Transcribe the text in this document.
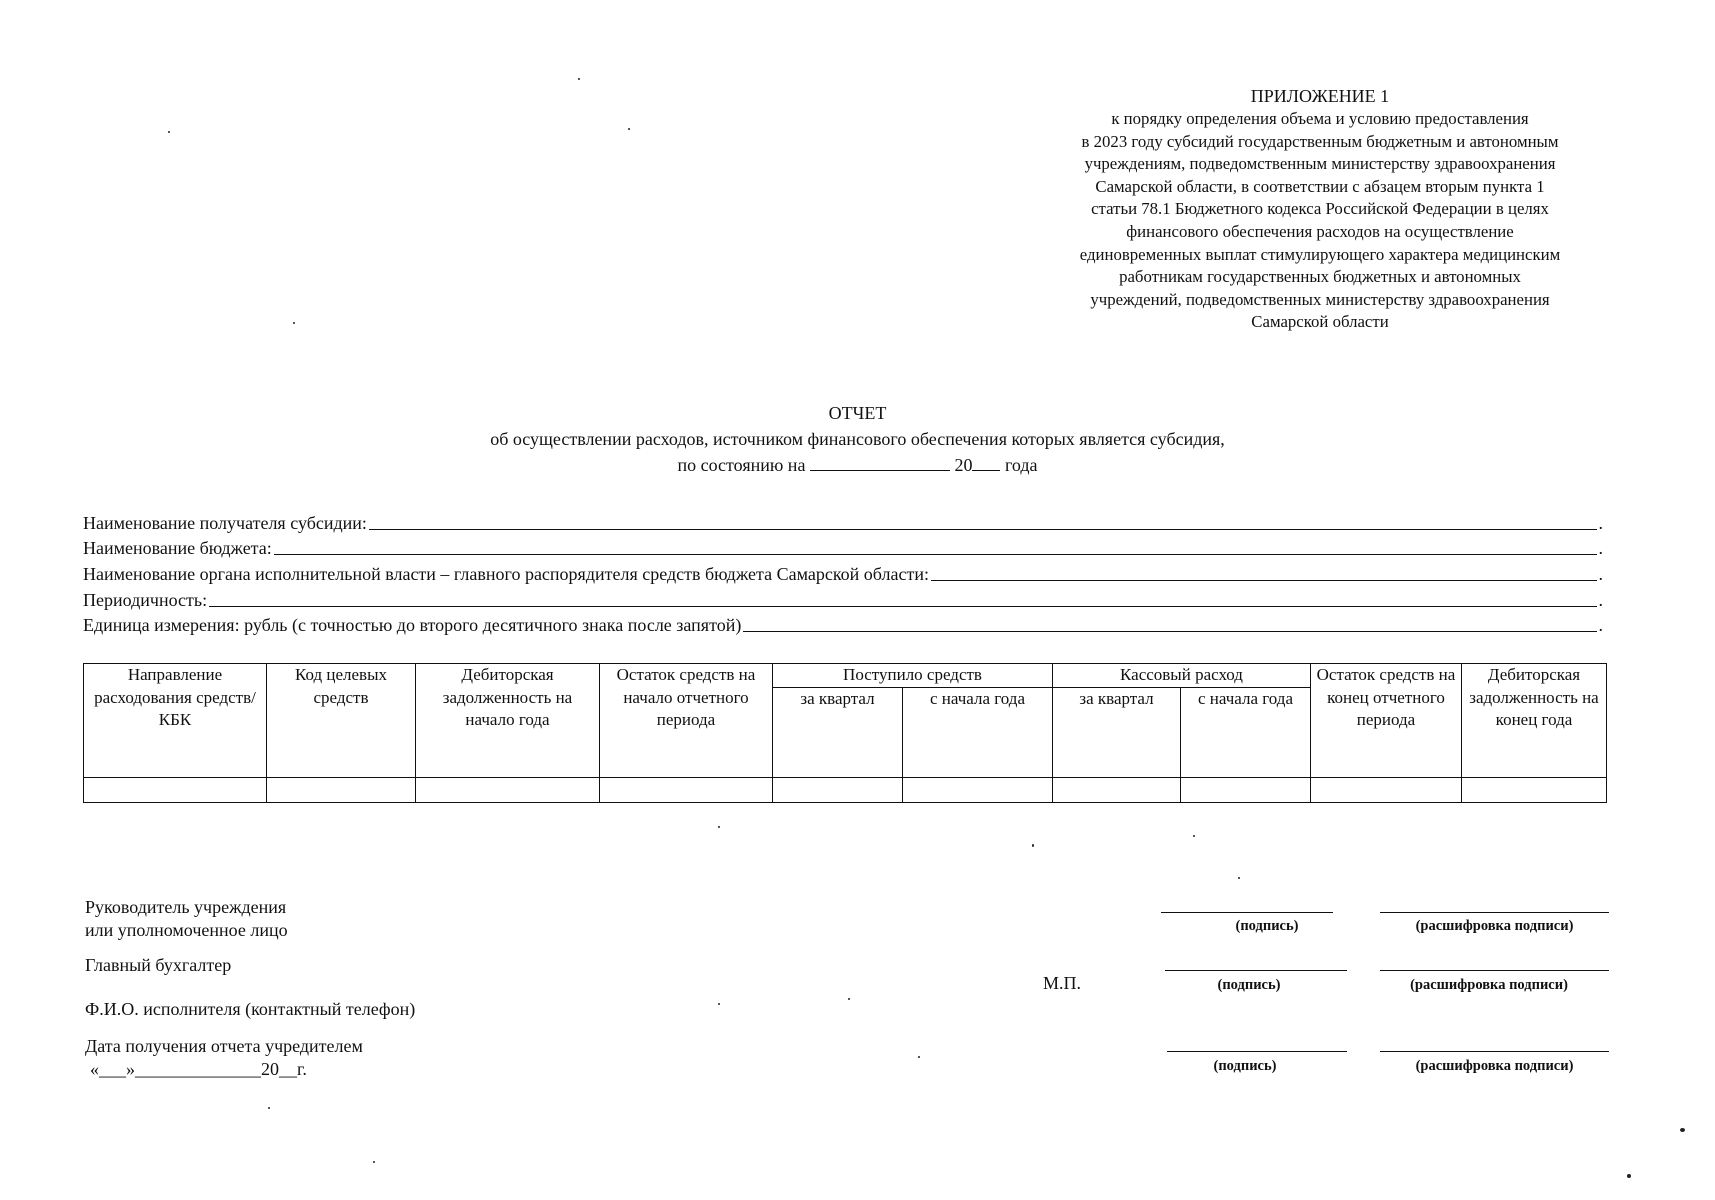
ПРИЛОЖЕНИЕ 1
к порядку определения объема и условию предоставления
в 2023 году субсидий государственным бюджетным и автономным
учреждениям, подведомственным министерству здравоохранения
Самарской области, в соответствии с абзацем вторым пункта 1
статьи 78.1 Бюджетного кодекса Российской Федерации в целях
финансового обеспечения расходов на осуществление
единовременных выплат стимулирующего характера медицинским
работникам государственных бюджетных и автономных
учреждений, подведомственных министерству здравоохранения
Самарской области
ОТЧЕТ
об осуществлении расходов, источником финансового обеспечения которых является субсидия,
по состоянию на	20 года
Наименование получателя субсидии:	.
Наименование бюджета:	.
Наименование органа исполнительной власти – главного распорядителя средств бюджета Самарской области:	.
Периодичность:	.
Единица измерения: рубль (с точностью до второго десятичного знака после запятой)	.
Направление расходования средств/КБК	Код целевых средств	Дебиторская задолженность на начало года	Остаток средств на начало отчетного периода	Поступило средств		Кассовый расход		Остаток средств на конец отчетного периода	Дебиторская задолженность на конец года
				за квартал	с начала года	за квартал	с начала года		

Руководитель учреждения
или уполномоченное лицо
Главный бухгалтер
Ф.И.О. исполнителя (контактный телефон)
Дата получения отчета учредителем
«___»______________20__г.
М.П.
(подпись)	(расшифровка подписи)
(подпись)	(расшифровка подписи)
(подпись)	(расшифровка подписи)
